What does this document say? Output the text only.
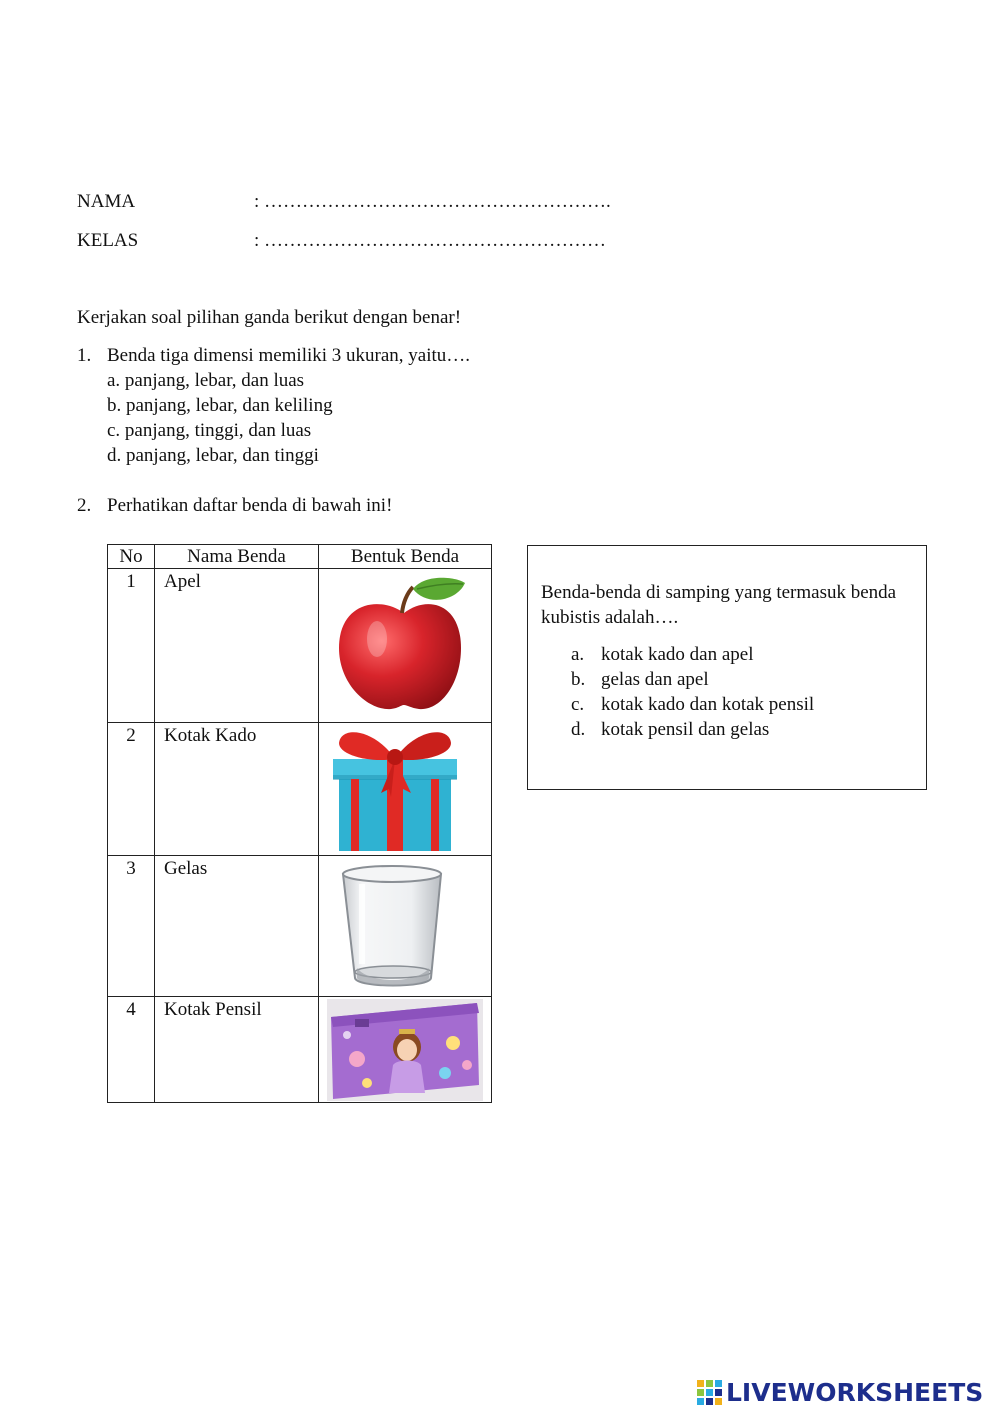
NAMA	: ……………………………………………….
KELAS	: ………………………………………………
Kerjakan soal pilihan ganda berikut dengan benar!
1. Benda tiga dimensi memiliki 3 ukuran, yaitu….
a. panjang, lebar, dan luas
b. panjang, lebar, dan keliling
c. panjang, tinggi, dan luas
d. panjang, lebar, dan tinggi
2. Perhatikan daftar benda di bawah ini!
No	Nama Benda	Bentuk Benda
1	Apel	

2	Kotak Kado	

3	Gelas	

4	Kotak Pensil	
Benda-benda di samping yang termasuk benda kubistis adalah….
a. kotak kado dan apel
b. gelas dan apel
c. kotak kado dan kotak pensil
d. kotak pensil dan gelas
LIVEWORKSHEETS
